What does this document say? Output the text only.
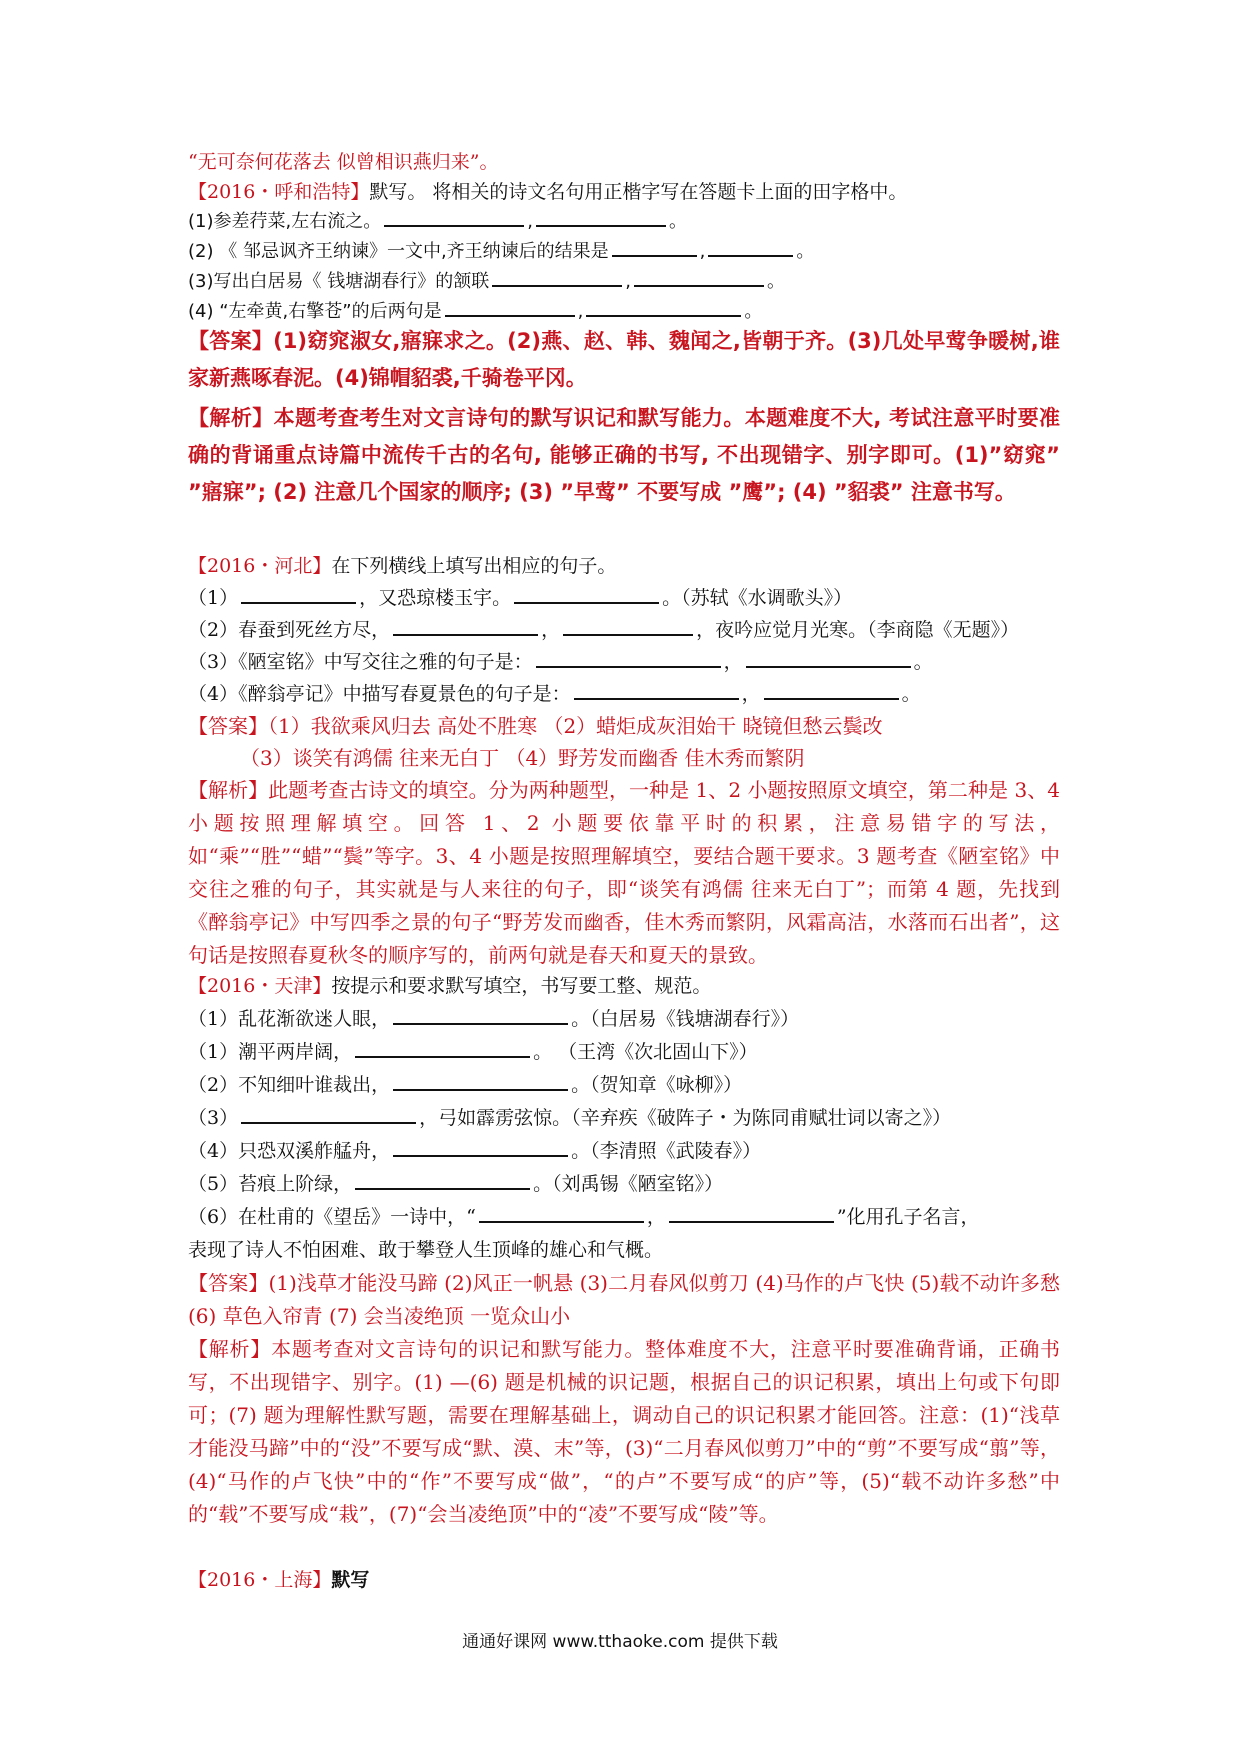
“无可奈何花落去 似曾相识燕归来”。
【2016・呼和浩特】默写。 将相关的诗文名句用正楷字写在答题卡上面的田字格中。
(1)参差荇菜,左右流之。	,	。
(2) 《 邹忌讽齐王纳谏》一文中,齐王纳谏后的结果是	,	。
(3)写出白居易《 钱塘湖春行》的颔联	,	。
(4) “左牵黄,右擎苍”的后两句是	,	。
【答案】(1)窈窕淑女,寤寐求之。(2)燕、赵、韩、魏闻之,皆朝于齐。(3)几处早莺争暖树,谁家新燕啄春泥。(4)锦帽貂裘,千骑卷平冈。
【解析】本题考查考生对文言诗句的默写识记和默写能力。本题难度不大, 考试注意平时要准确的背诵重点诗篇中流传千古的名句, 能够正确的书写, 不出现错字、别字即可。(1)”窈窕” ”寤寐”; (2) 注意几个国家的顺序; (3) ”早莺” 不要写成 ”鹰”; (4) ”貂裘” 注意书写。
【2016・河北】在下列横线上填写出相应的句子。
（1）	，又恐琼楼玉宇。	。（苏轼《水调歌头》）
（2）春蚕到死丝方尽，	，	，夜吟应觉月光寒。（李商隐《无题》）
（3）《陋室铭》中写交往之雅的句子是：	，	。
（4）《醉翁亭记》中描写春夏景色的句子是：	，	。
【答案】（1）我欲乘风归去 高处不胜寒 （2）蜡炬成灰泪始干 晓镜但愁云鬓改
（3）谈笑有鸿儒 往来无白丁 （4）野芳发而幽香 佳木秀而繁阴
【解析】此题考查古诗文的填空。分为两种题型，一种是 1、2 小题按照原文填空，第二种是 3、4 小题按照理解填空。回答 1、2 小题要依靠平时的积累，注意易错字的写法，如“乘”“胜”“蜡”“鬓”等字。3、4 小题是按照理解填空，要结合题干要求。3 题考查《陋室铭》中交往之雅的句子，其实就是与人来往的句子，即“谈笑有鸿儒 往来无白丁”；而第 4 题，先找到《醉翁亭记》中写四季之景的句子“野芳发而幽香，佳木秀而繁阴，风霜高洁，水落而石出者”，这句话是按照春夏秋冬的顺序写的，前两句就是春天和夏天的景致。
【2016・天津】按提示和要求默写填空，书写要工整、规范。
（1）乱花渐欲迷人眼，	。（白居易《钱塘湖春行》）
（1）潮平两岸阔，	。 （王湾《次北固山下》）
（2）不知细叶谁裁出，	。（贺知章《咏柳》）
（3）	，弓如霹雳弦惊。（辛弃疾《破阵子・为陈同甫赋壮词以寄之》）
（4）只恐双溪舴艋舟，	。（李清照《武陵春》）
（5）苔痕上阶绿，	。（刘禹锡《陋室铭》）
（6）在杜甫的《望岳》一诗中，“	，	”化用孔子名言，
表现了诗人不怕困难、敢于攀登人生顶峰的雄心和气概。
【答案】(1)浅草才能没马蹄 (2)风正一帆悬 (3)二月春风似剪刀 (4)马作的卢飞快 (5)载不动许多愁 (6) 草色入帘青 (7) 会当凌绝顶 一览众山小
【解析】本题考查对文言诗句的识记和默写能力。整体难度不大，注意平时要准确背诵，正确书写，不出现错字、别字。(1) —(6) 题是机械的识记题，根据自己的识记积累，填出上句或下句即可；(7) 题为理解性默写题，需要在理解基础上，调动自己的识记积累才能回答。注意：(1)“浅草才能没马蹄”中的“没”不要写成“默、漠、末”等，(3)“二月春风似剪刀”中的“剪”不要写成“翦”等，(4)“马作的卢飞快”中的“作”不要写成“做”，“的卢”不要写成“的庐”等，(5)“载不动许多愁”中的“载”不要写成“栽”，(7)“会当凌绝顶”中的“凌”不要写成“陵”等。
【2016・上海】默写
通通好课网 www.tthaoke.com 提供下载
